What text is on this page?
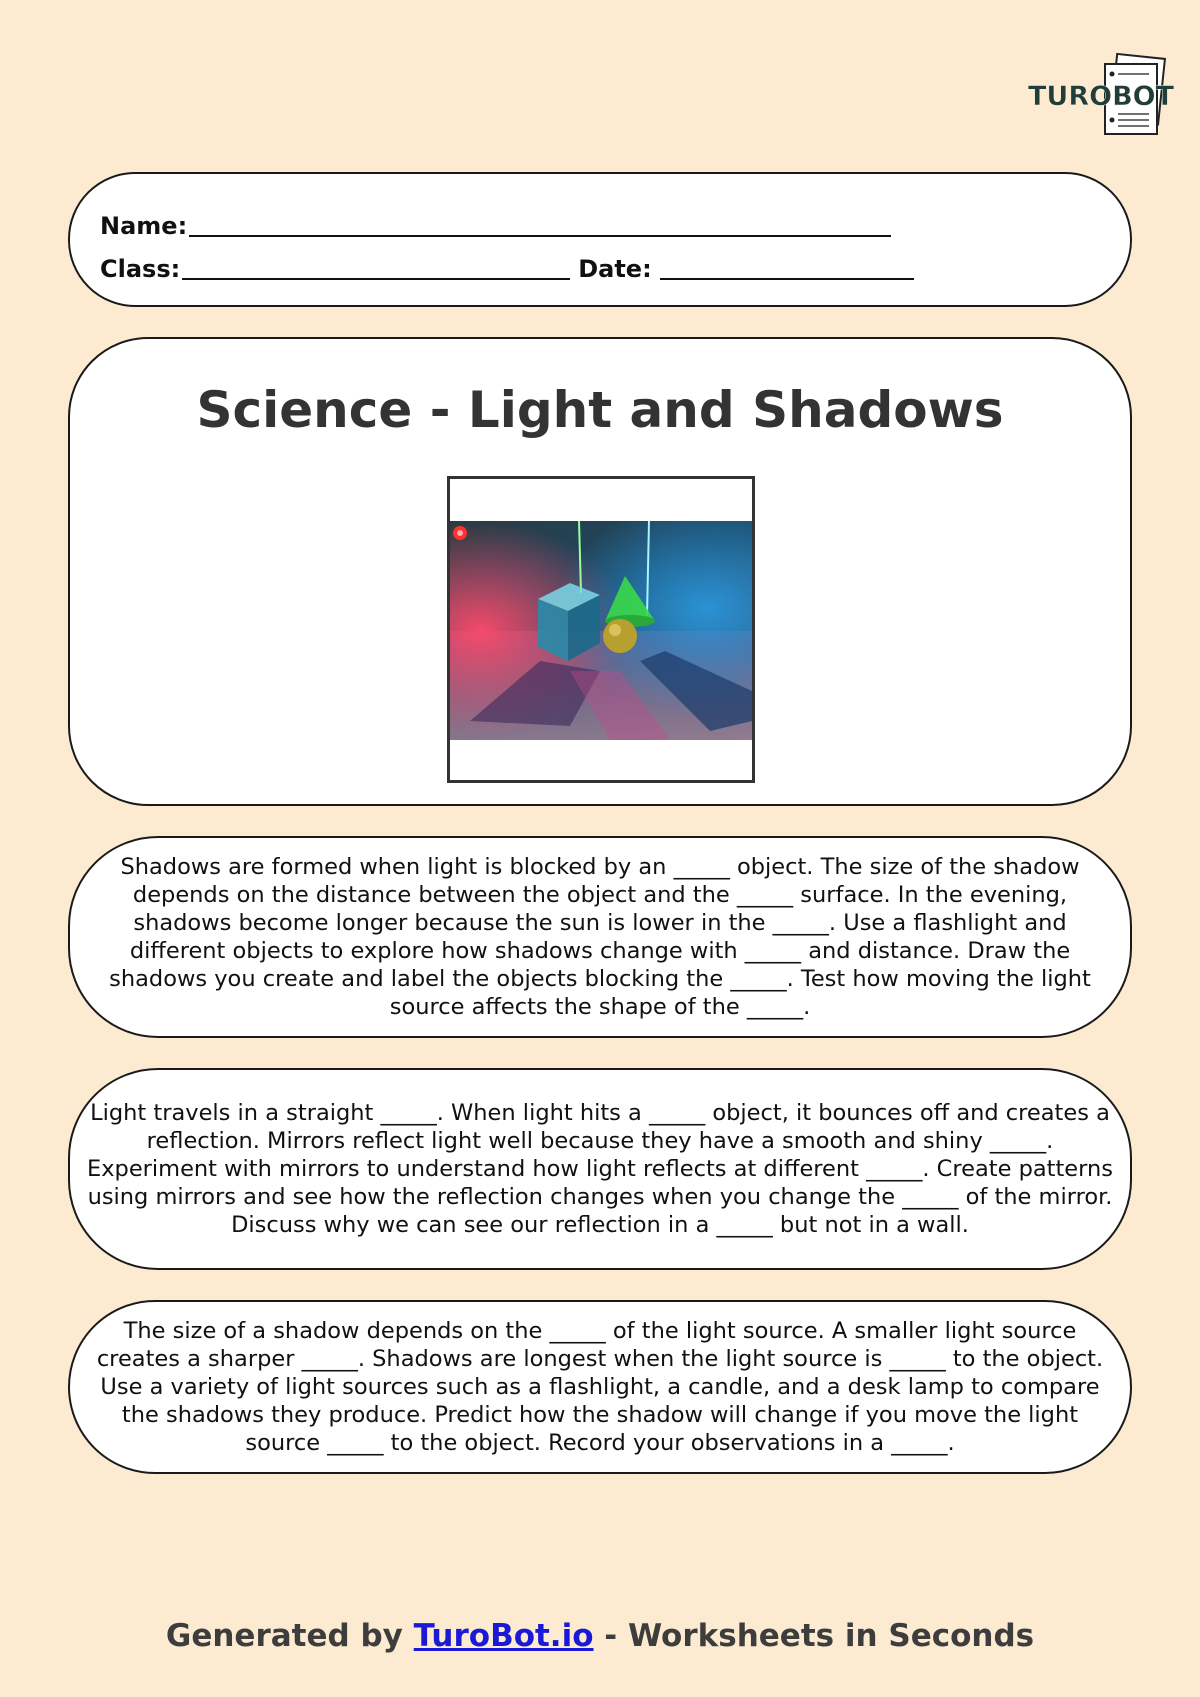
TUROBOT
Name:
Class:	Date:
Science - Light and Shadows

Shadows are formed when light is blocked by an _____ object. The size of the shadow depends on the distance between the object and the _____ surface. In the evening, shadows become longer because the sun is lower in the _____. Use a flashlight and different objects to explore how shadows change with _____ and distance. Draw the shadows you create and label the objects blocking the _____. Test how moving the light source affects the shape of the _____.

Light travels in a straight _____. When light hits a _____ object, it bounces off and creates a reflection. Mirrors reflect light well because they have a smooth and shiny _____. Experiment with mirrors to understand how light reflects at different _____. Create patterns using mirrors and see how the reflection changes when you change the _____ of the mirror. Discuss why we can see our reflection in a _____ but not in a wall.

The size of a shadow depends on the _____ of the light source. A smaller light source creates a sharper _____. Shadows are longest when the light source is _____ to the object. Use a variety of light sources such as a flashlight, a candle, and a desk lamp to compare the shadows they produce. Predict how the shadow will change if you move the light source _____ to the object. Record your observations in a _____.

Generated by TuroBot.io - Worksheets in Seconds
